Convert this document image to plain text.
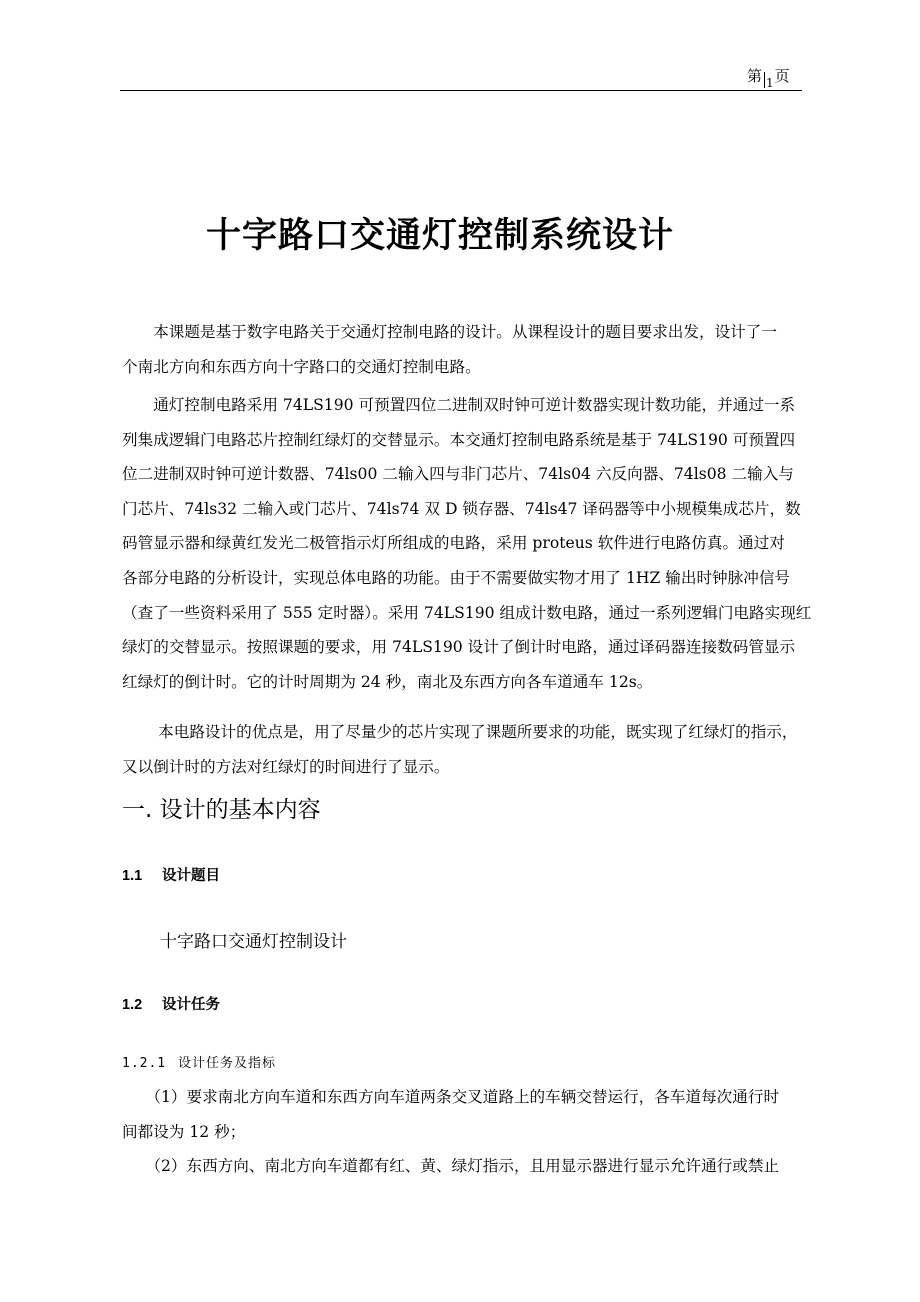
第 $_1$页
十字路口交通灯控制系统设计
　　本课题是基于数字电路关于交通灯控制电路的设计。从课程设计的题目要求出发，设计了一
个南北方向和东西方向十字路口的交通灯控制电路。
　　通灯控制电路采用 74LS190 可预置四位二进制双时钟可逆计数器实现计数功能，并通过一系
列集成逻辑门电路芯片控制红绿灯的交替显示。本交通灯控制电路系统是基于 74LS190 可预置四
位二进制双时钟可逆计数器、74ls00 二输入四与非门芯片、74ls04 六反向器、74ls08 二输入与
门芯片、74ls32 二输入或门芯片、74ls74 双 D 锁存器、74ls47 译码器等中小规模集成芯片，数
码管显示器和绿黄红发光二极管指示灯所组成的电路，采用 proteus 软件进行电路仿真。通过对
各部分电路的分析设计，实现总体电路的功能。由于不需要做实物才用了 1HZ 输出时钟脉冲信号
（查了一些资料采用了 555 定时器）。采用 74LS190 组成计数电路，通过一系列逻辑门电路实现红
绿灯的交替显示。按照课题的要求，用 74LS190 设计了倒计时电路，通过译码器连接数码管显示
红绿灯的倒计时。它的计时周期为 24 秒，南北及东西方向各车道通车 12s。
　　 本电路设计的优点是，用了尽量少的芯片实现了课题所要求的功能，既实现了红绿灯的指示，
又以倒计时的方法对红绿灯的时间进行了显示。
一. 设计的基本内容
1.1 设计题目
十字路口交通灯控制设计
1.2 设计任务
1.2.1 设计任务及指标
　　（1）要求南北方向车道和东西方向车道两条交叉道路上的车辆交替运行，各车道每次通行时
间都设为 12 秒；
　　（2）东西方向、南北方向车道都有红、黄、绿灯指示，且用显示器进行显示允许通行或禁止
